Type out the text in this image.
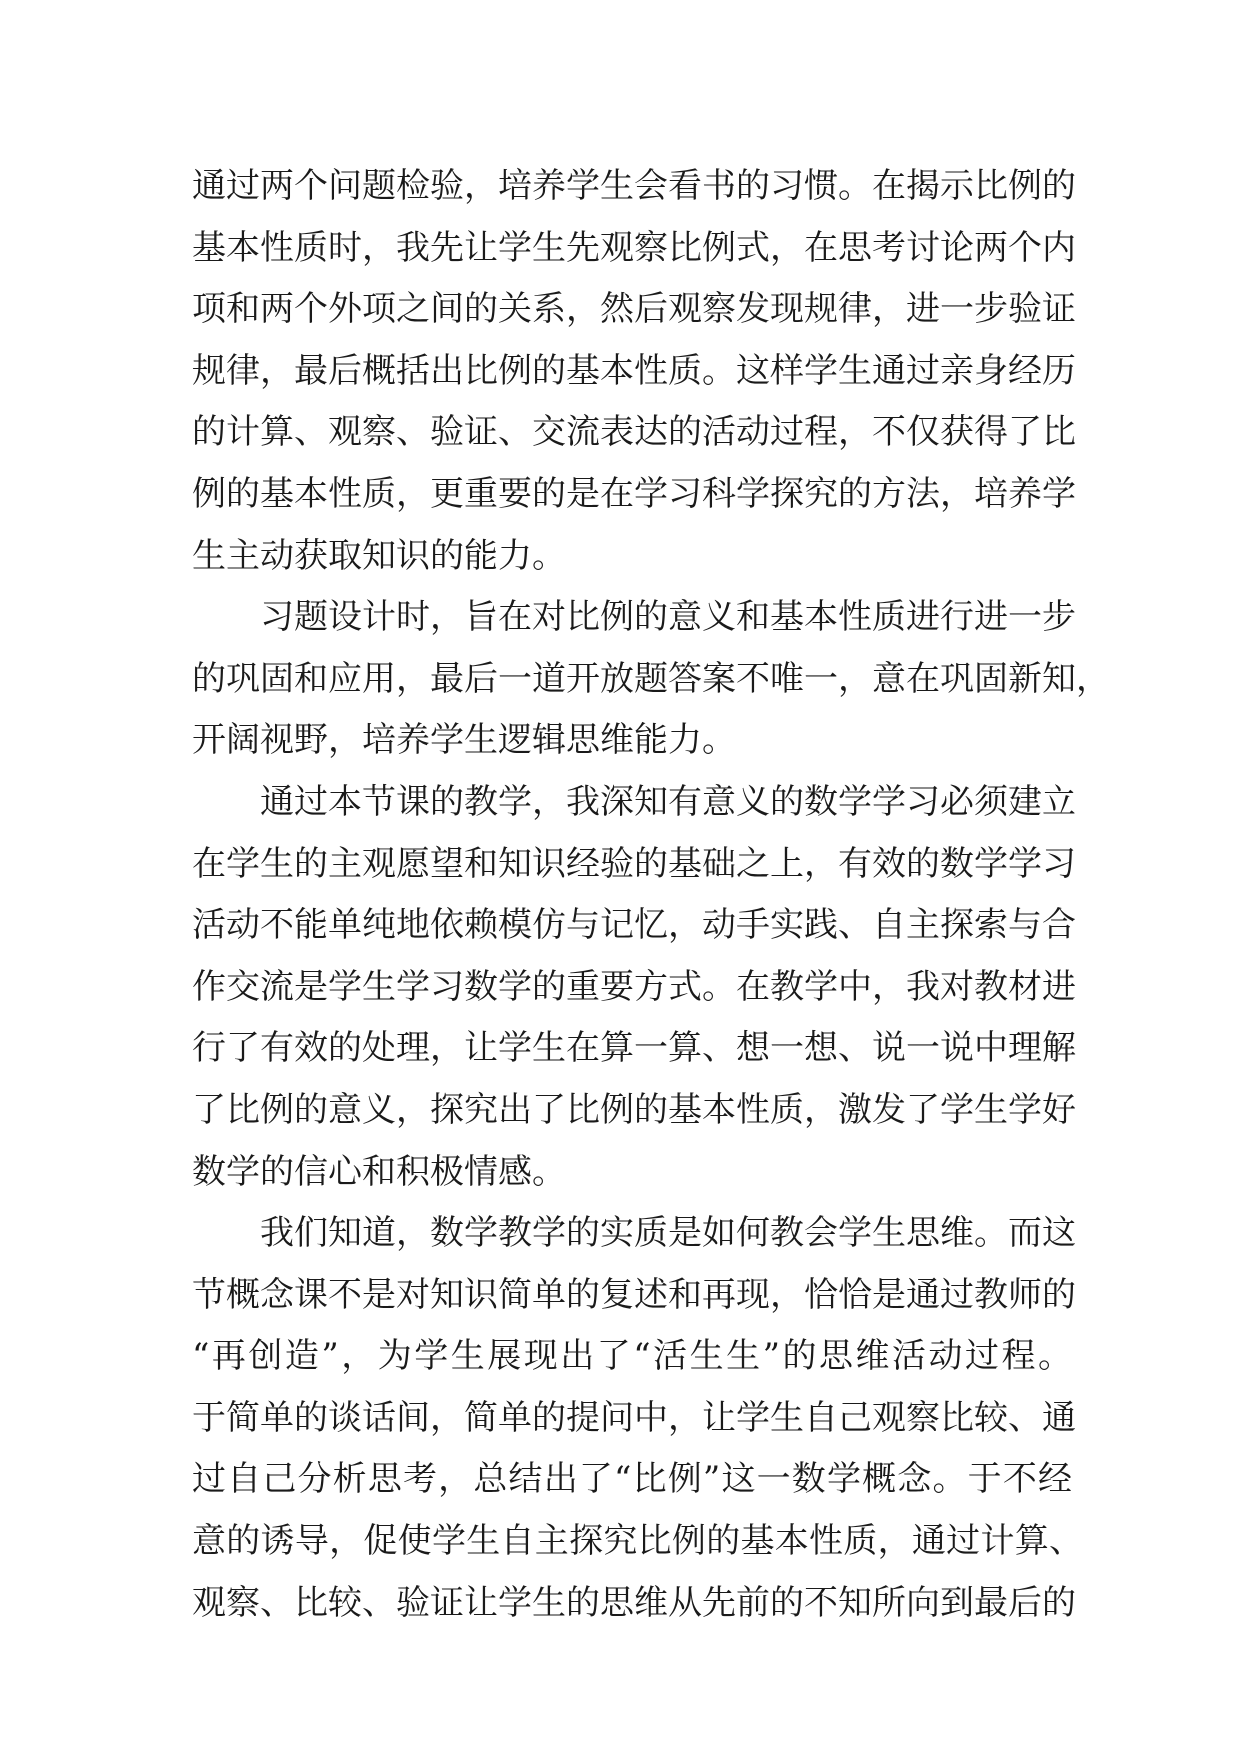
通过两个问题检验，培养学生会看书的习惯。在揭示比例的
基本性质时，我先让学生先观察比例式，在思考讨论两个内
项和两个外项之间的关系，然后观察发现规律，进一步验证
规律，最后概括出比例的基本性质。这样学生通过亲身经历
的计算、观察、验证、交流表达的活动过程，不仅获得了比
例的基本性质，更重要的是在学习科学探究的方法，培养学
生主动获取知识的能力。
习题设计时，旨在对比例的意义和基本性质进行进一步
的巩固和应用，最后一道开放题答案不唯一，意在巩固新知，
开阔视野，培养学生逻辑思维能力。
通过本节课的教学，我深知有意义的数学学习必须建立
在学生的主观愿望和知识经验的基础之上，有效的数学学习
活动不能单纯地依赖模仿与记忆，动手实践、自主探索与合
作交流是学生学习数学的重要方式。在教学中，我对教材进
行了有效的处理，让学生在算一算、想一想、说一说中理解
了比例的意义，探究出了比例的基本性质，激发了学生学好
数学的信心和积极情感。
我们知道，数学教学的实质是如何教会学生思维。而这
节概念课不是对知识简单的复述和再现，恰恰是通过教师的
“再创造”，为学生展现出了“活生生”的思维活动过程。
于简单的谈话间，简单的提问中，让学生自己观察比较、通
过自己分析思考，总结出了“比例”这一数学概念。于不经
意的诱导，促使学生自主探究比例的基本性质，通过计算、
观察、比较、验证让学生的思维从先前的不知所向到最后的
